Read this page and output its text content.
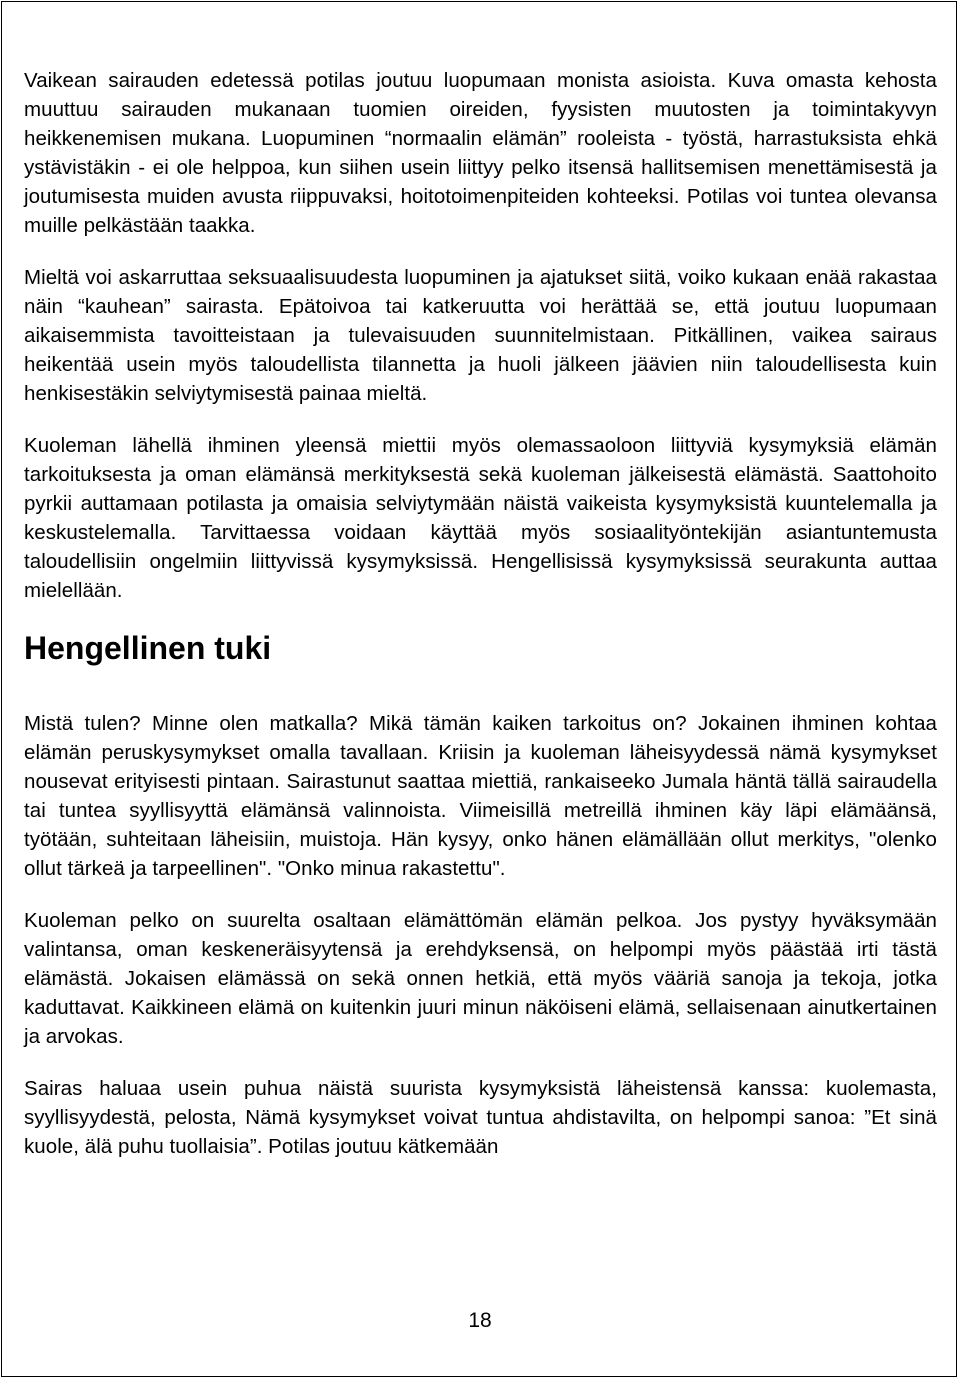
Vaikean sairauden edetessä potilas joutuu luopumaan monista asioista. Kuva omasta kehosta muuttuu sairauden mukanaan tuomien oireiden, fyysisten muutosten ja toimintakyvyn heikkenemisen mukana. Luopuminen “normaalin elämän” rooleista - työstä, harrastuksista ehkä ystävistäkin - ei ole helppoa, kun siihen usein liittyy pelko itsensä hallitsemisen menettämisestä ja joutumisesta muiden avusta riippuvaksi, hoitotoimenpiteiden kohteeksi. Potilas voi tuntea olevansa muille pelkästään taakka.

Mieltä voi askarruttaa seksuaalisuudesta luopuminen ja ajatukset siitä, voiko kukaan enää rakastaa näin “kauhean” sairasta. Epätoivoa tai katkeruutta voi herättää se, että joutuu luopumaan aikaisemmista tavoitteistaan ja tulevaisuuden suunnitelmistaan. Pitkällinen, vaikea sairaus heikentää usein myös taloudellista tilannetta ja huoli jälkeen jäävien niin taloudellisesta kuin henkisestäkin selviytymisestä painaa mieltä.

Kuoleman lähellä ihminen yleensä miettii myös olemassaoloon liittyviä kysymyksiä elämän tarkoituksesta ja oman elämänsä merkityksestä sekä kuoleman jälkeisestä elämästä. Saattohoito pyrkii auttamaan potilasta ja omaisia selviytymään näistä vaikeista kysymyksistä kuuntelemalla ja keskustelemalla. Tarvittaessa voidaan käyttää myös sosiaalityöntekijän asiantuntemusta taloudellisiin ongelmiin liittyvissä kysymyksissä. Hengellisissä kysymyksissä seurakunta auttaa mielellään.

Hengellinen tuki

Mistä tulen? Minne olen matkalla? Mikä tämän kaiken tarkoitus on? Jokainen ihminen kohtaa elämän peruskysymykset omalla tavallaan. Kriisin ja kuoleman läheisyydessä nämä kysymykset nousevat erityisesti pintaan. Sairastunut saattaa miettiä, rankaiseeko Jumala häntä tällä sairaudella tai tuntea syyllisyyttä elämänsä valinnoista. Viimeisillä metreillä ihminen käy läpi elämäänsä, työtään, suhteitaan läheisiin, muistoja. Hän kysyy, onko hänen elämällään ollut merkitys, "olenko ollut tärkeä ja tarpeellinen". "Onko minua rakastettu".

Kuoleman pelko on suurelta osaltaan elämättömän elämän pelkoa. Jos pystyy hyväksymään valintansa, oman keskeneräisyytensä ja erehdyksensä, on helpompi myös päästää irti tästä elämästä. Jokaisen elämässä on sekä onnen hetkiä, että myös vääriä sanoja ja tekoja, jotka kaduttavat. Kaikkineen elämä on kuitenkin juuri minun näköiseni elämä, sellaisenaan ainutkertainen ja arvokas.

Sairas haluaa usein puhua näistä suurista kysymyksistä läheistensä kanssa: kuolemasta, syyllisyydestä, pelosta, Nämä kysymykset voivat tuntua ahdistavilta, on helpompi sanoa: ”Et sinä kuole, älä puhu tuollaisia”. Potilas joutuu kätkemään

18
